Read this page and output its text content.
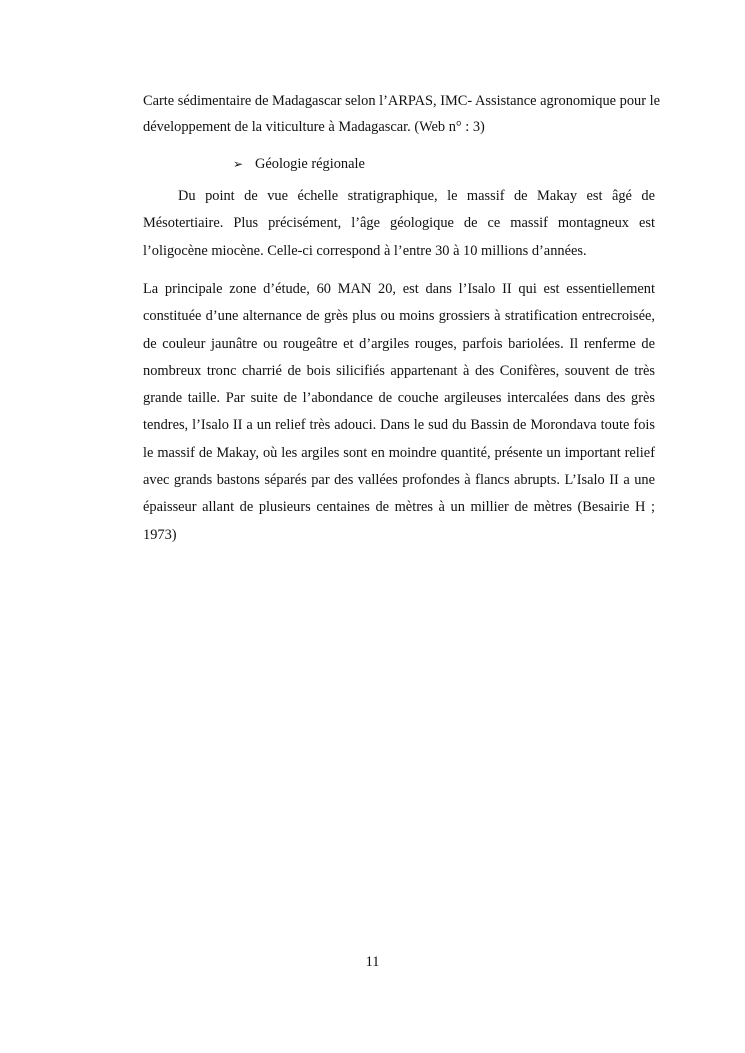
Carte sédimentaire de Madagascar selon l’ARPAS, IMC- Assistance agronomique pour le développement de la viticulture à Madagascar. (Web n° : 3)

➢ Géologie régionale

Du point de vue échelle stratigraphique, le massif de Makay est âgé de Mésotertiaire. Plus précisément, l’âge géologique de ce massif montagneux est l’oligocène miocène. Celle-ci correspond à l’entre 30 à 10 millions d’années.

La principale zone d’étude, 60 MAN 20, est dans l’Isalo II qui est essentiellement constituée d’une alternance de grès plus ou moins grossiers à stratification entrecroisée, de couleur jaunâtre ou rougeâtre et d’argiles rouges, parfois bariolées. Il renferme de nombreux tronc charrié de bois silicifiés appartenant à des Conifères, souvent de très grande taille. Par suite de l’abondance de couche argileuses intercalées dans des grès tendres, l’Isalo II a un relief très adouci. Dans le sud du Bassin de Morondava toute fois le massif de Makay, où les argiles sont en moindre quantité, présente un important relief avec grands bastons séparés par des vallées profondes à flancs abrupts. L’Isalo II a une épaisseur allant de plusieurs centaines de mètres à un millier de mètres (Besairie H ; 1973)

11
